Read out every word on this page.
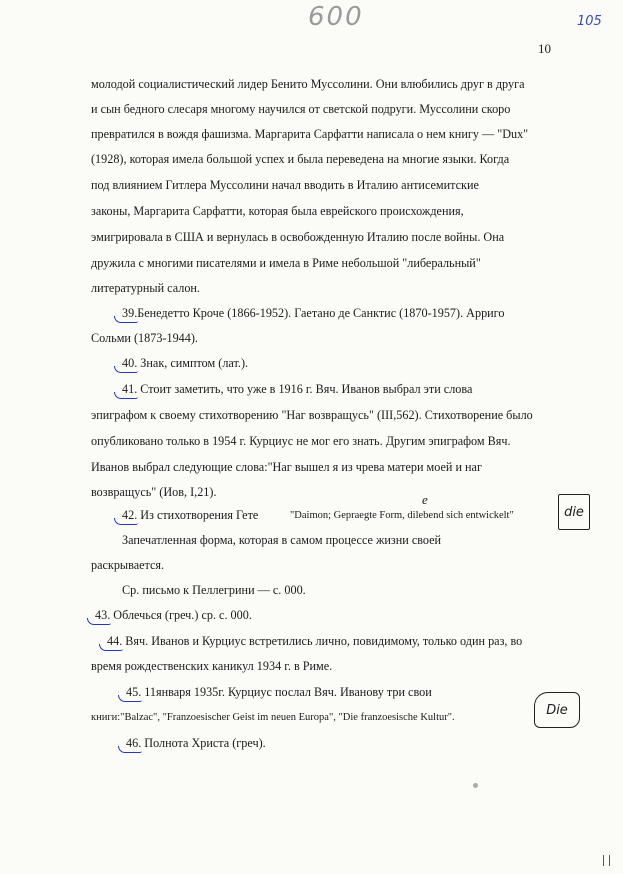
600	105
10
молодой социалистический лидер Бенито Муссолини. Они влюбились друг в друга
и сын бедного слесаря многому научился от светской подруги. Муссолини скоро
превратился в вождя фашизма. Маргарита Сарфатти написала о нем книгу — "Dux"
(1928), которая имела большой успех и была переведена на многие языки. Когда
под влиянием Гитлера Муссолини начал вводить в Италию антисемитские
законы, Маргарита Сарфатти, которая была еврейского происхождения,
эмигрировала в США и вернулась в освобожденную Италию после войны. Она
дружила с многими писателями и имела в Риме небольшой "либеральный"
литературный салон.
39.Бенедетто Кроче (1866-1952). Гаетано де Санктис (1870-1957). Арриго
Сольми (1873-1944).
40. Знак, симптом (лат.).
41. Стоит заметить, что уже в 1916 г. Вяч. Иванов выбрал эти слова
эпиграфом к своему стихотворению "Наг возвращусь" (III,562). Стихотворение было
опубликовано только в 1954 г. Курциус не мог его знать. Другим эпиграфом Вяч.
Иванов выбрал следующие слова:"Наг вышел я из чрева матери моей и наг
возвращусь" (Иов, I,21).
42. Из стихотворения Гете	"Daimon; Gepraegte Form, dilebend sich entwickelt"
e
die
Запечатленная форма, которая в самом процессе жизни своей
раскрывается.
Ср. письмо к Пеллегрини — с. 000.
43. Облечься (греч.) ср. с. 000.
44. Вяч. Иванов и Курциус встретились лично, повидимому, только один раз, во
время рождественских каникул 1934 г. в Риме.
45. 11января 1935г. Курциус послал Вяч. Иванову три свои
книги:"Balzac", "Franzoesischer Geist im neuen Europa", "Die franzoesische Kultur".	Die
46. Полнота Христа (греч).
